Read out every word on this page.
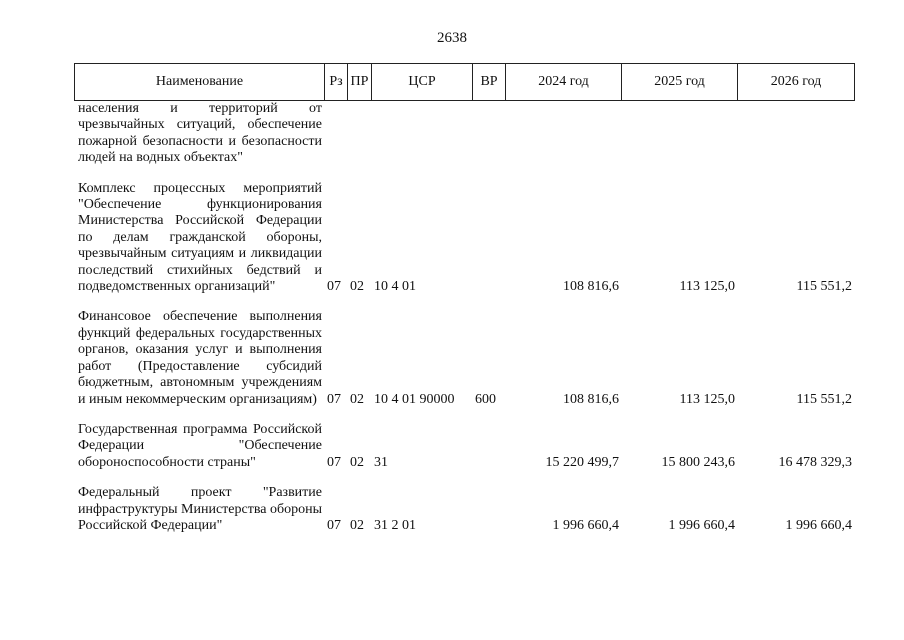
2638
Наименование	Рз	ПР	ЦСР	ВР	2024 год	2025 год	2026 год
населения и территорий от чрезвычайных ситуаций, обеспечение пожарной безопасности и безопасности людей на водных объектах"							
Комплекс процессных мероприятий "Обеспечение функционирования Министерства Российской Федерации по делам гражданской обороны, чрезвычайным ситуациям и ликвидации последствий стихийных бедствий и подведомственных организаций"	07	02	10 4 01		108 816,6	113 125,0	115 551,2
Финансовое обеспечение выполнения функций федеральных государственных органов, оказания услуг и выполнения работ (Предоставление субсидий бюджетным, автономным учреждениям и иным некоммерческим организациям)	07	02	10 4 01 90000	600	108 816,6	113 125,0	115 551,2
Государственная программа Российской Федерации "Обеспечение обороноспособности страны"	07	02	31		15 220 499,7	15 800 243,6	16 478 329,3
Федеральный проект "Развитие инфраструктуры Министерства обороны Российской Федерации"	07	02	31 2 01		1 996 660,4	1 996 660,4	1 996 660,4
